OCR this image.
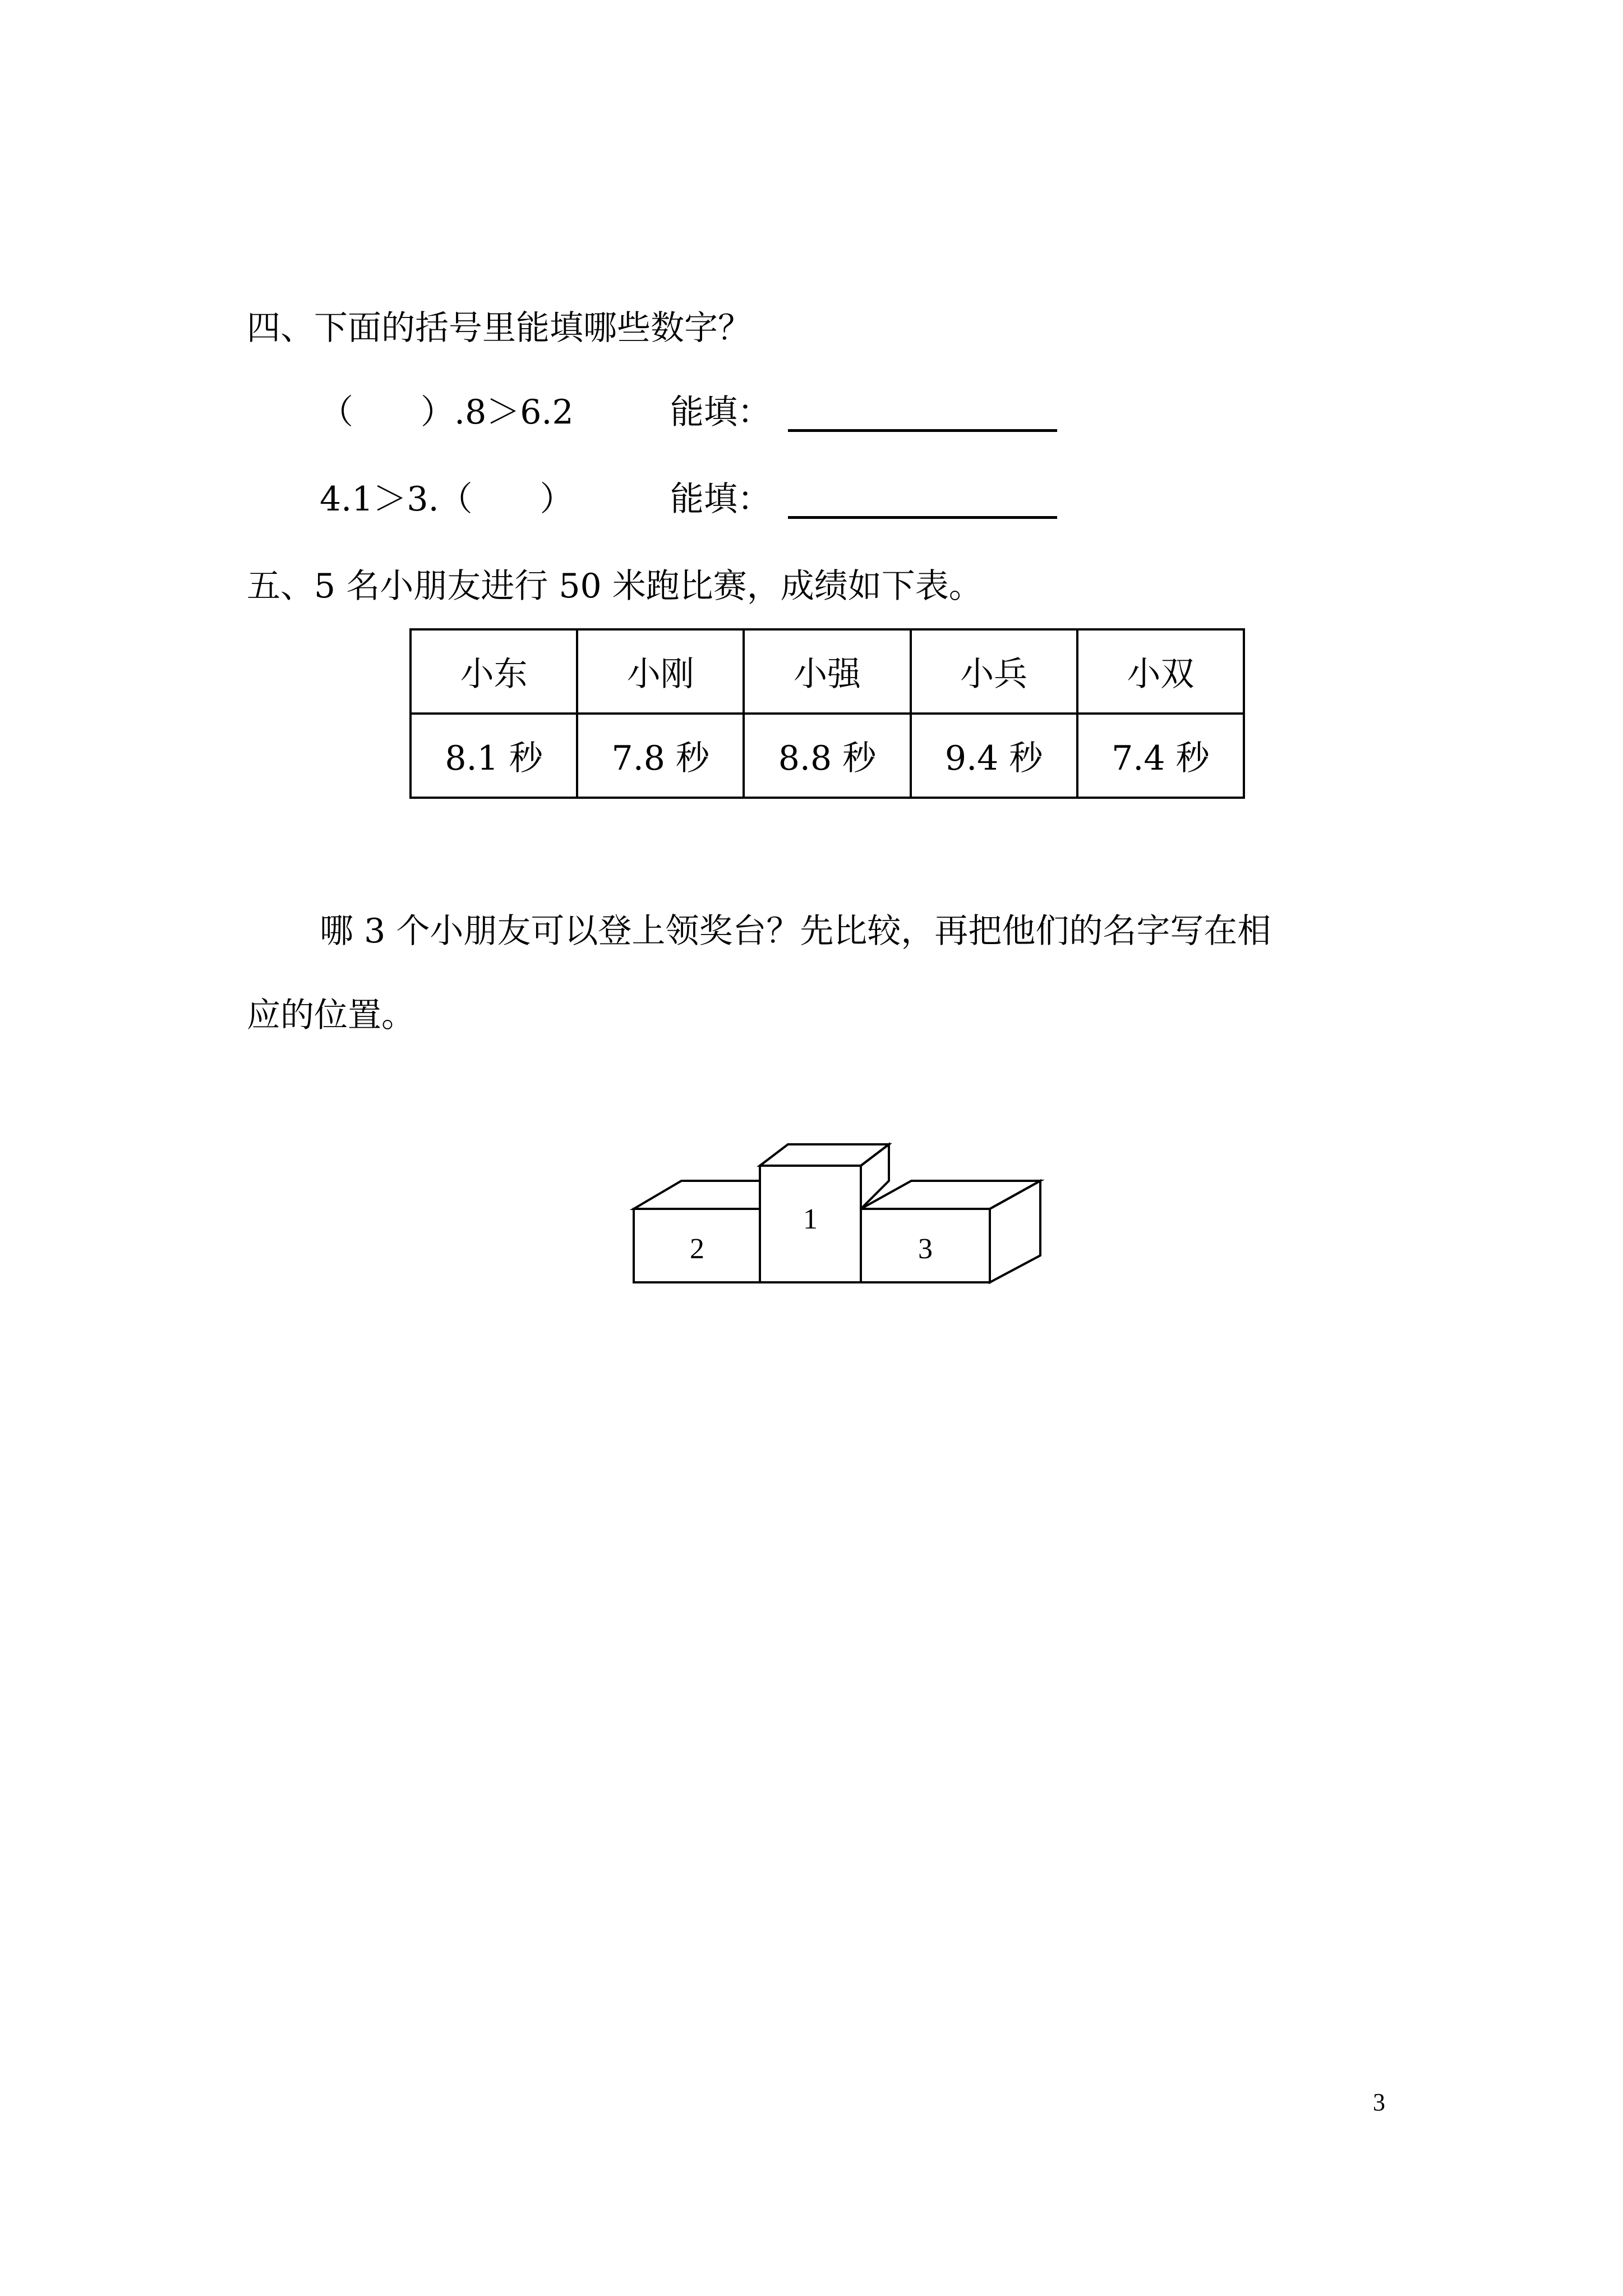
四、下面的括号里能填哪些数字？
（　　）.8＞6.2	能填：
4.1＞3.（　　）	能填：
五、5 名小朋友进行 50 米跑比赛，成绩如下表。
小东	小刚	小强	小兵	小双
8.1 秒	7.8 秒	8.8 秒	9.4 秒	7.4 秒
哪 3 个小朋友可以登上领奖台？先比较，再把他们的名字写在相
应的位置。
1
2	3
3
